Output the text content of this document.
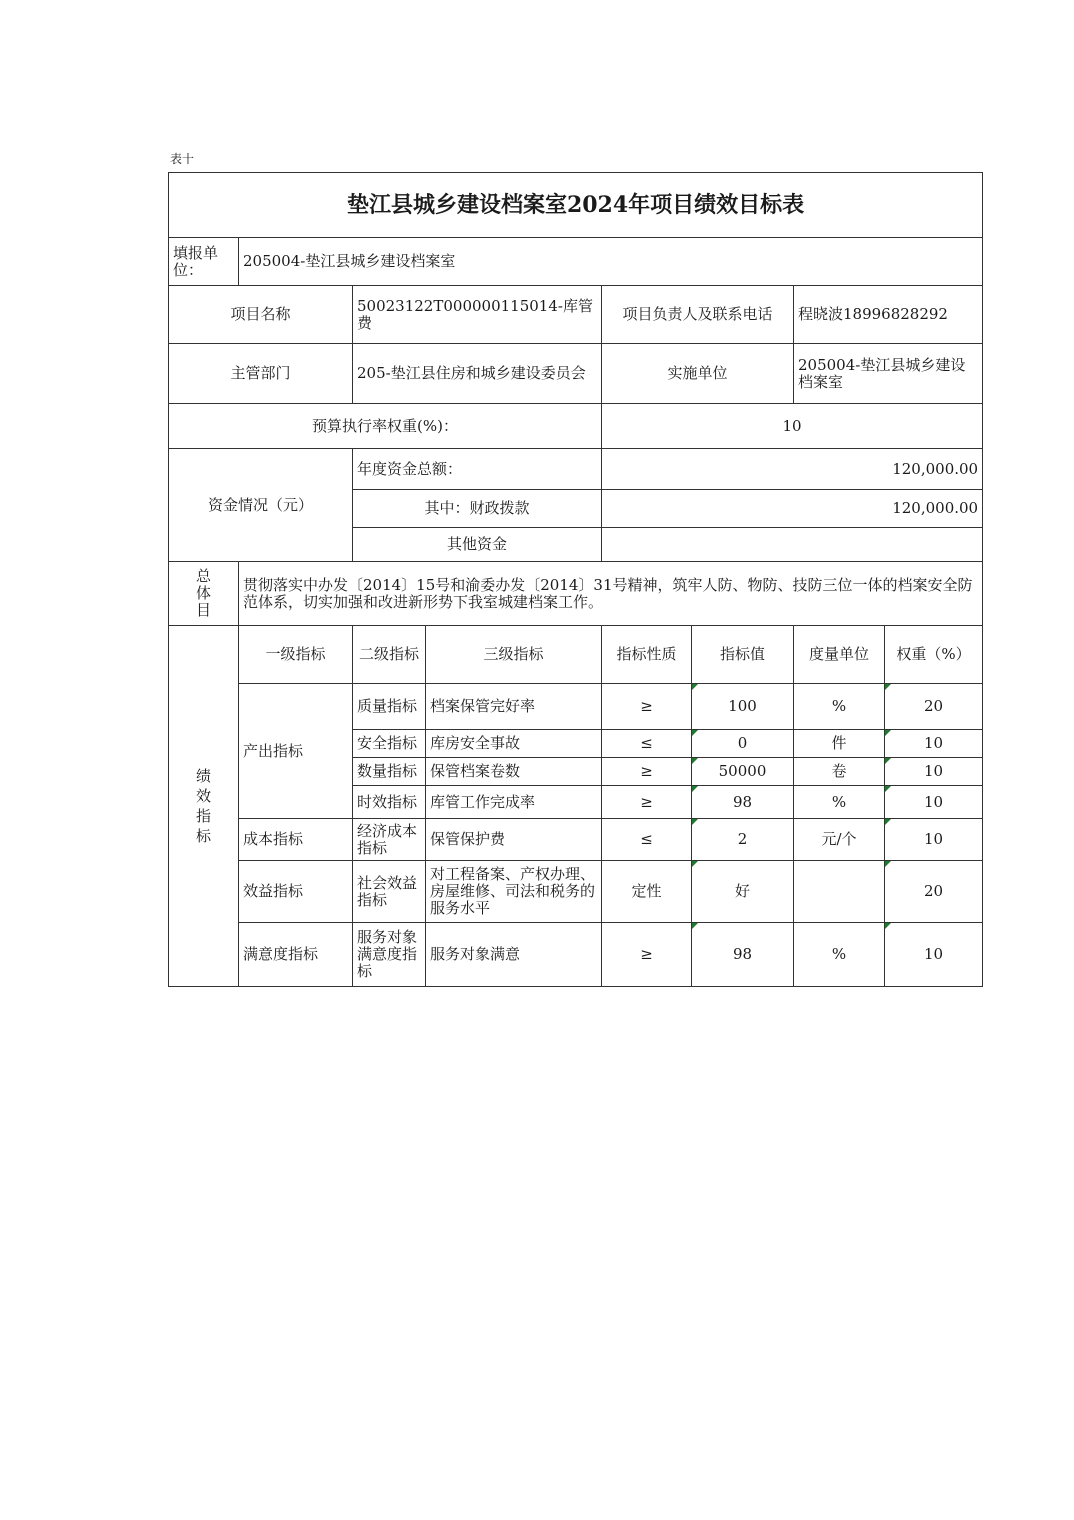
表十
垫江县城乡建设档案室2024年项目绩效目标表							
填报单位：	205004-垫江县城乡建设档案室						
项目名称		50023122T000000115014-库管费		项目负责人及联系电话		程晓波18996828292	
主管部门		205-垫江县住房和城乡建设委员会		实施单位		205004-垫江县城乡建设档案室	
预算执行率权重(%)：				10			
资金情况（元）		年度资金总额：		120,000.00			
		其中：财政拨款		120,000.00			
		其他资金					
总体目	贯彻落实中办发〔2014〕15号和渝委办发〔2014〕31号精神，筑牢人防、物防、技防三位一体的档案安全防范体系，切实加强和改进新形势下我室城建档案工作。						
绩效指标	一级指标	二级指标	三级指标	指标性质	指标值	度量单位	权重（%）
	产出指标	质量指标	档案保管完好率	≥	100	%	20
		安全指标	库房安全事故	≤	0	件	10
		数量指标	保管档案卷数	≥	50000	卷	10
		时效指标	库管工作完成率	≥	98	%	10
	成本指标	经济成本指标	保管保护费	≤	2	元/个	10
	效益指标	社会效益指标	对工程备案、产权办理、房屋维修、司法和税务的服务水平	定性	好		20
	满意度指标	服务对象满意度指标	服务对象满意	≥	98	%	10
